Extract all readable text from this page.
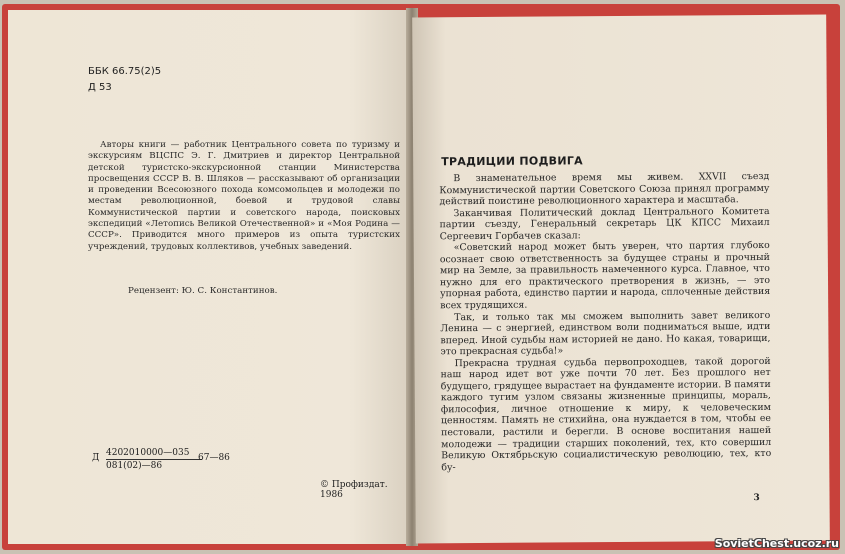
ББК 66.75(2)5
Д 53

Авторы книги — работник Центрального совета по туризму и экскурсиям ВЦСПС Э. Г. Дмитриев и директор Центральной детской туристско-экскурсионной станции Министерства просвещения СССР В. В. Шляков — рассказывают об организации и проведении Всесоюзного похода комсомольцев и молодежи по местам революционной, боевой и трудовой славы Коммунистической партии и советского народа, поисковых экспедиций «Летопись Великой Отечественной» и «Моя Родина — СССР». Приводится много примеров из опыта туристских учреждений, трудовых коллективов, учебных заведений.

Рецензент: Ю. С. Константинов.
Д 4202010000—035
081(02)—86
67—86
© Профиздат. 1986
ТРАДИЦИИ ПОДВИГА

В знаменательное время мы живем. XXVII съезд Коммунистической партии Советского Союза принял программу действий поистине революционного характера и масштаба.

Заканчивая Политический доклад Центрального Комитета партии съезду, Генеральный секретарь ЦК КПСС Михаил Сергеевич Горбачев сказал:

«Советский народ может быть уверен, что партия глубоко осознает свою ответственность за будущее страны и прочный мир на Земле, за правильность намеченного курса. Главное, что нужно для его практического претворения в жизнь, — это упорная работа, единство партии и народа, сплоченные действия всех трудящихся.

Так, и только так мы сможем выполнить завет великого Ленина — с энергией, единством воли подниматься выше, идти вперед. Иной судьбы нам историей не дано. Но какая, товарищи, это прекрасная судьба!»

Прекрасна трудная судьба первопроходцев, такой дорогой наш народ идет вот уже почти 70 лет. Без прошлого нет будущего, грядущее вырастает на фундаменте истории. В памяти каждого тугим узлом связаны жизненные принципы, мораль, философия, личное отношение к миру, к человеческим ценностям. Память не стихийна, она нуждается в том, чтобы ее пестовали, растили и берегли. В основе воспитания нашей молодежи — традиции старших поколений, тех, кто совершил Великую Октябрьскую социалистическую революцию, тех, кто бу-

3
SovietChest.ucoz.ru
